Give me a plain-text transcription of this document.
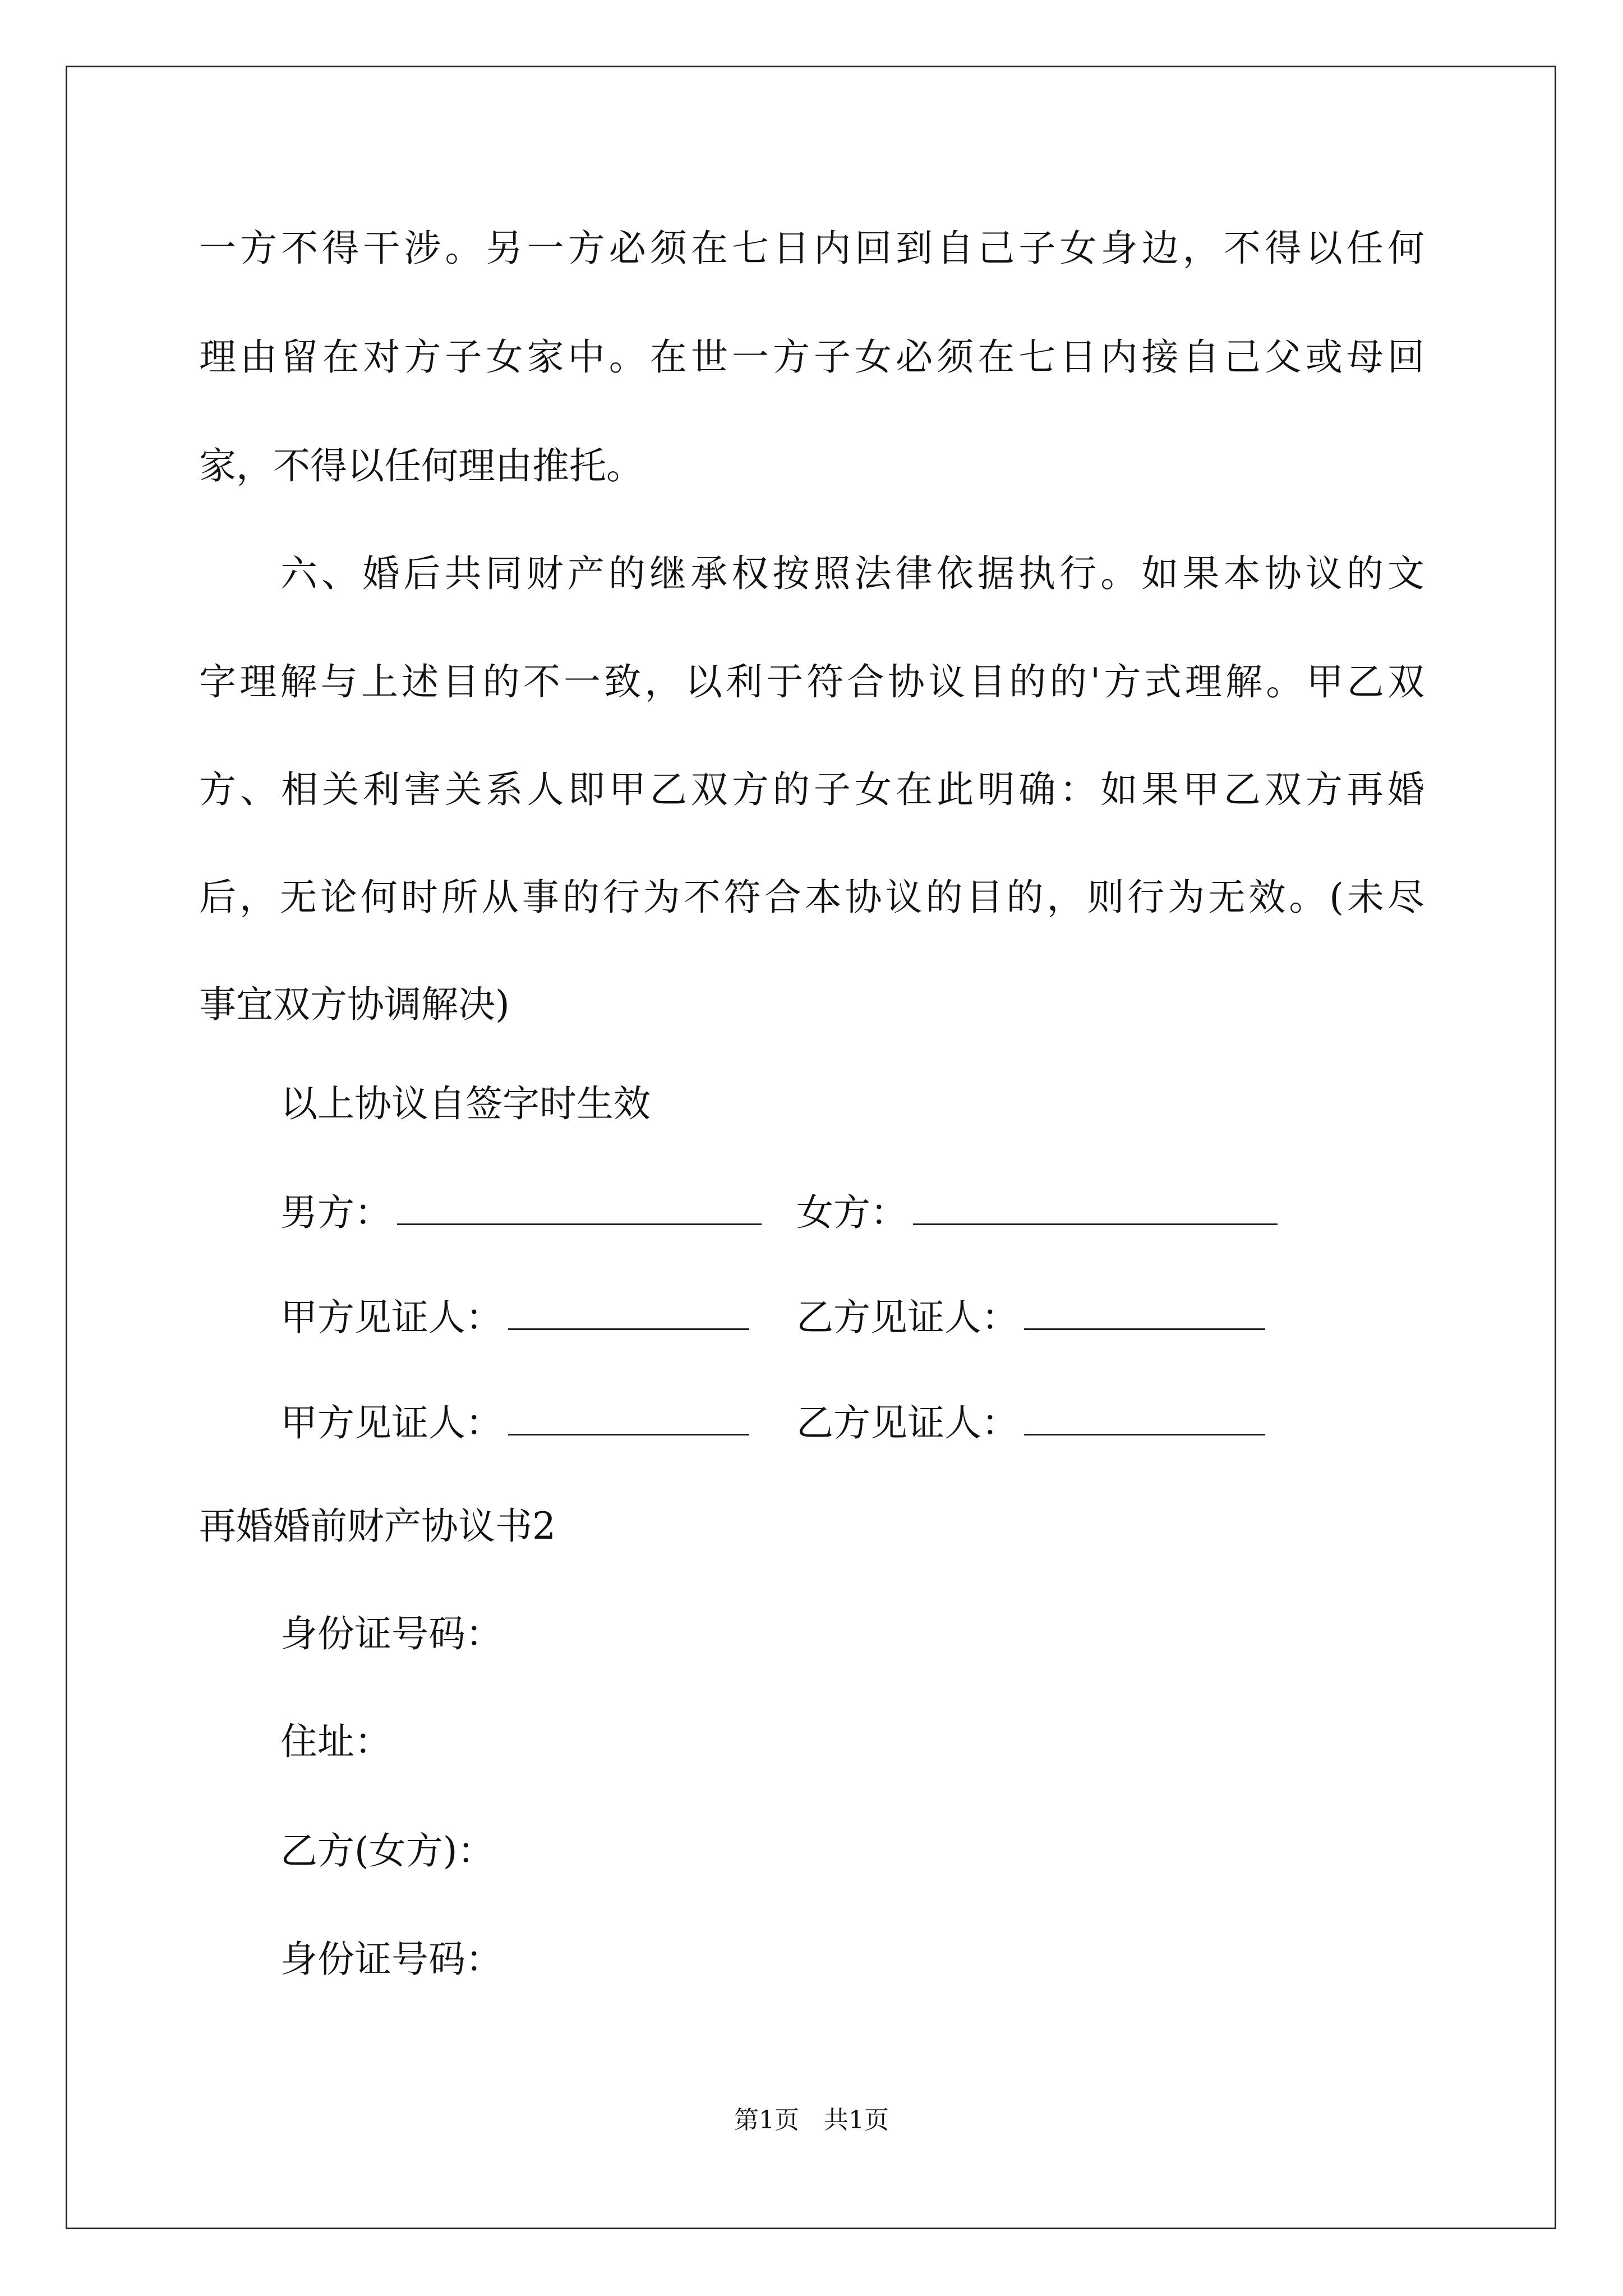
一方不得干涉。另一方必须在七日内回到自己子女身边，不得以任何
理由留在对方子女家中。在世一方子女必须在七日内接自己父或母回
家，不得以任何理由推托。
六、婚后共同财产的继承权按照法律依据执行。如果本协议的文
字理解与上述目的不一致，以利于符合协议目的的'方式理解。甲乙双
方、相关利害关系人即甲乙双方的子女在此明确：如果甲乙双方再婚
后，无论何时所从事的行为不符合本协议的目的，则行为无效。(未尽
事宜双方协调解决)
以上协议自签字时生效
男方：	女方：
甲方见证人：	乙方见证人：
甲方见证人：	乙方见证人：
再婚婚前财产协议书2
身份证号码：
住址：
乙方(女方)：
身份证号码：
第1页　共1页
